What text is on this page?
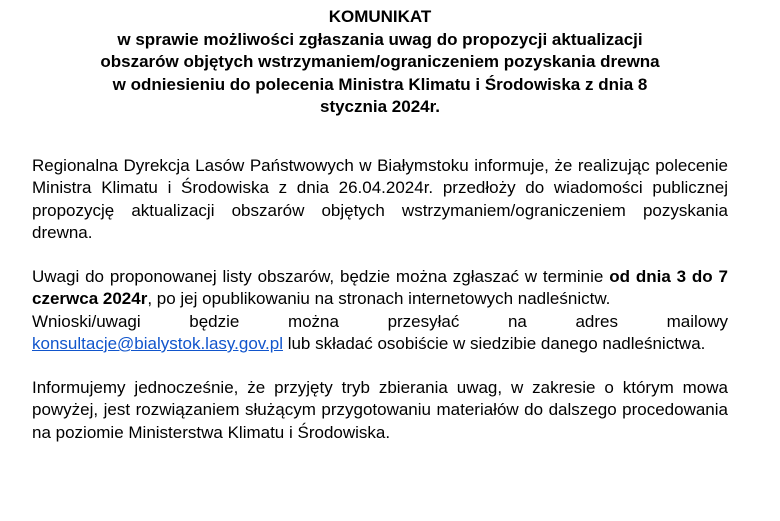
KOMUNIKAT
w sprawie możliwości zgłaszania uwag do propozycji aktualizacji
obszarów objętych wstrzymaniem/ograniczeniem pozyskania drewna
w odniesieniu do polecenia Ministra Klimatu i Środowiska z dnia 8
stycznia 2024r.

Regionalna Dyrekcja Lasów Państwowych w Białymstoku informuje, że realizując polecenie Ministra Klimatu i Środowiska z dnia 26.04.2024r. przedłoży do wiadomości publicznej propozycję aktualizacji obszarów objętych wstrzymaniem/ograniczeniem pozyskania drewna.

Uwagi do proponowanej listy obszarów, będzie można zgłaszać w terminie od dnia 3 do 7 czerwca 2024r, po jej opublikowaniu na stronach internetowych nadleśnictw.
Wnioski/uwagi będzie można przesyłać na adres mailowy
konsultacje@bialystok.lasy.gov.pl lub składać osobiście w siedzibie danego nadleśnictwa.

Informujemy jednocześnie, że przyjęty tryb zbierania uwag, w zakresie o którym mowa powyżej, jest rozwiązaniem służącym przygotowaniu materiałów do dalszego procedowania na poziomie Ministerstwa Klimatu i Środowiska.
